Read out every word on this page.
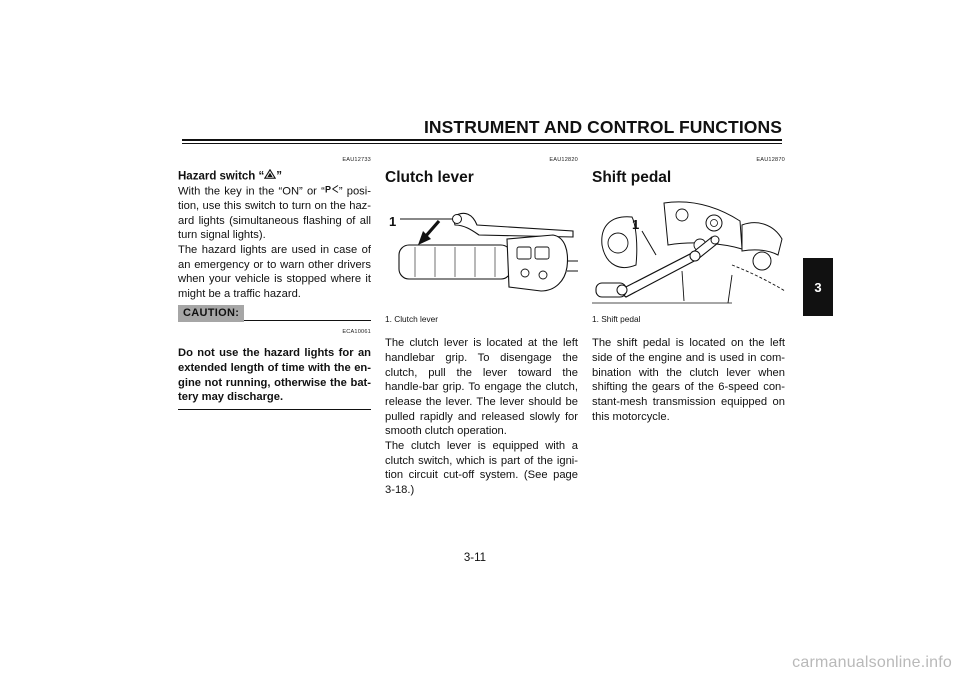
INSTRUMENT AND CONTROL FUNCTIONS
3
EAU12733
Hazard switch “ ”

With the key in the “ON” or “ P ” posi-tion, use this switch to turn on the haz-ard lights (simultaneous flashing of all turn signal lights).

The hazard lights are used in case of an emergency or to warn other drivers when your vehicle is stopped where it might be a traffic hazard.

CAUTION:
ECA10061

Do not use the hazard lights for an extended length of time with the en-gine not running, otherwise the bat-tery may discharge.

EAU12820
Clutch lever
1
1. Clutch lever

The clutch lever is located at the left handlebar grip. To disengage the clutch, pull the lever toward the handle-bar grip. To engage the clutch, release the lever. The lever should be pulled rapidly and released slowly for smooth clutch operation.

The clutch lever is equipped with a clutch switch, which is part of the igni-tion circuit cut-off system. (See page 3-18.)

EAU12870
Shift pedal
1
1. Shift pedal

The shift pedal is located on the left side of the engine and is used in com-bination with the clutch lever when shifting the gears of the 6-speed con-stant-mesh transmission equipped on this motorcycle.

3-11
carmanualsonline.info
